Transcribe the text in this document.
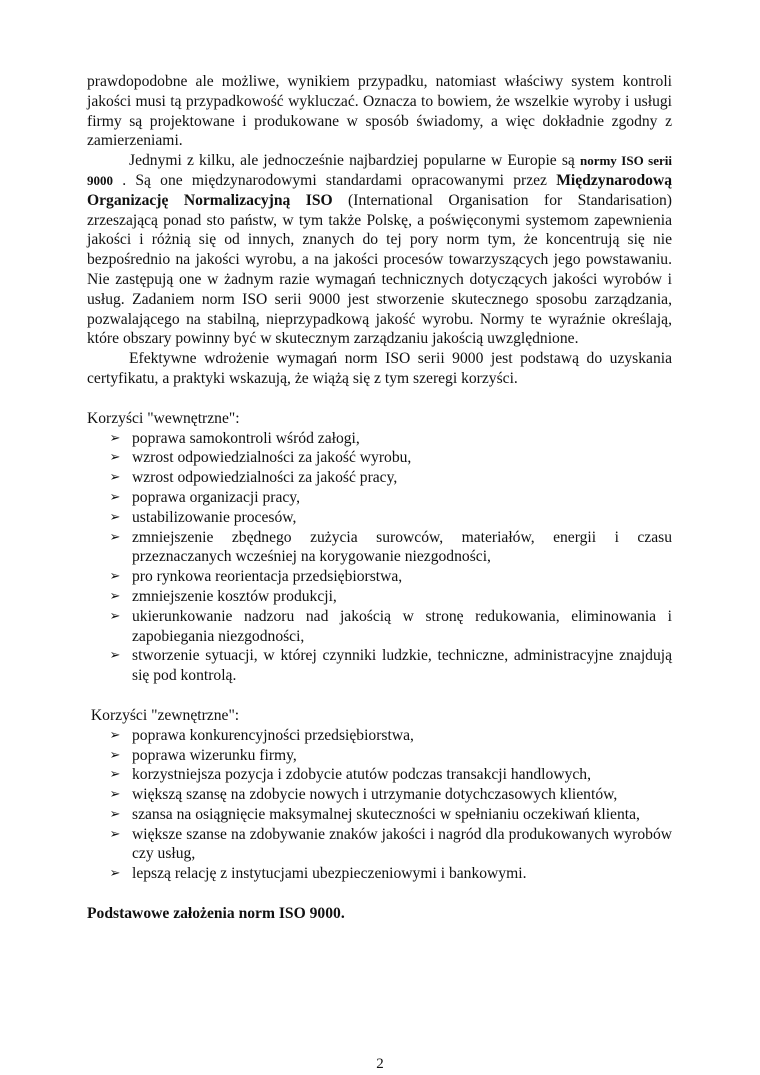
prawdopodobne ale możliwe, wynikiem przypadku, natomiast właściwy system kontroli jakości musi tą przypadkowość wykluczać. Oznacza to bowiem, że wszelkie wyroby i usługi firmy są projektowane i produkowane w sposób świadomy, a więc dokładnie zgodny z zamierzeniami.

Jednymi z kilku, ale jednocześnie najbardziej popularne w Europie są normy ISO serii 9000 . Są one międzynarodowymi standardami opracowanymi przez Międzynarodową Organizację Normalizacyjną ISO (International Organisation for Standarisation) zrzeszającą ponad sto państw, w tym także Polskę, a poświęconymi systemom zapewnienia jakości i różnią się od innych, znanych do tej pory norm tym, że koncentrują się nie bezpośrednio na jakości wyrobu, a na jakości procesów towarzyszących jego powstawaniu. Nie zastępują one w żadnym razie wymagań technicznych dotyczących jakości wyrobów i usług. Zadaniem norm ISO serii 9000 jest stworzenie skutecznego sposobu zarządzania, pozwalającego na stabilną, nieprzypadkową jakość wyrobu. Normy te wyraźnie określają, które obszary powinny być w skutecznym zarządzaniu jakością uwzględnione.

Efektywne wdrożenie wymagań norm ISO serii 9000 jest podstawą do uzyskania certyfikatu, a praktyki wskazują, że wiążą się z tym szeregi korzyści.

Korzyści "wewnętrzne":

➢ poprawa samokontroli wśród załogi,
➢ wzrost odpowiedzialności za jakość wyrobu,
➢ wzrost odpowiedzialności za jakość pracy,
➢ poprawa organizacji pracy,
➢ ustabilizowanie procesów,
➢ zmniejszenie zbędnego zużycia surowców, materiałów, energii i czasu przeznaczanych wcześniej na korygowanie niezgodności,
➢ pro rynkowa reorientacja przedsiębiorstwa,
➢ zmniejszenie kosztów produkcji,
➢ ukierunkowanie nadzoru nad jakością w stronę redukowania, eliminowania i zapobiegania niezgodności,
➢ stworzenie sytuacji, w której czynniki ludzkie, techniczne, administracyjne znajdują się pod kontrolą.

Korzyści "zewnętrzne":

➢ poprawa konkurencyjności przedsiębiorstwa,
➢ poprawa wizerunku firmy,
➢ korzystniejsza pozycja i zdobycie atutów podczas transakcji handlowych,
➢ większą szansę na zdobycie nowych i utrzymanie dotychczasowych klientów,
➢ szansa na osiągnięcie maksymalnej skuteczności w spełnianiu oczekiwań klienta,
➢ większe szanse na zdobywanie znaków jakości i nagród dla produkowanych wyrobów czy usług,
➢ lepszą relację z instytucjami ubezpieczeniowymi i bankowymi.

Podstawowe założenia norm ISO 9000.

2
